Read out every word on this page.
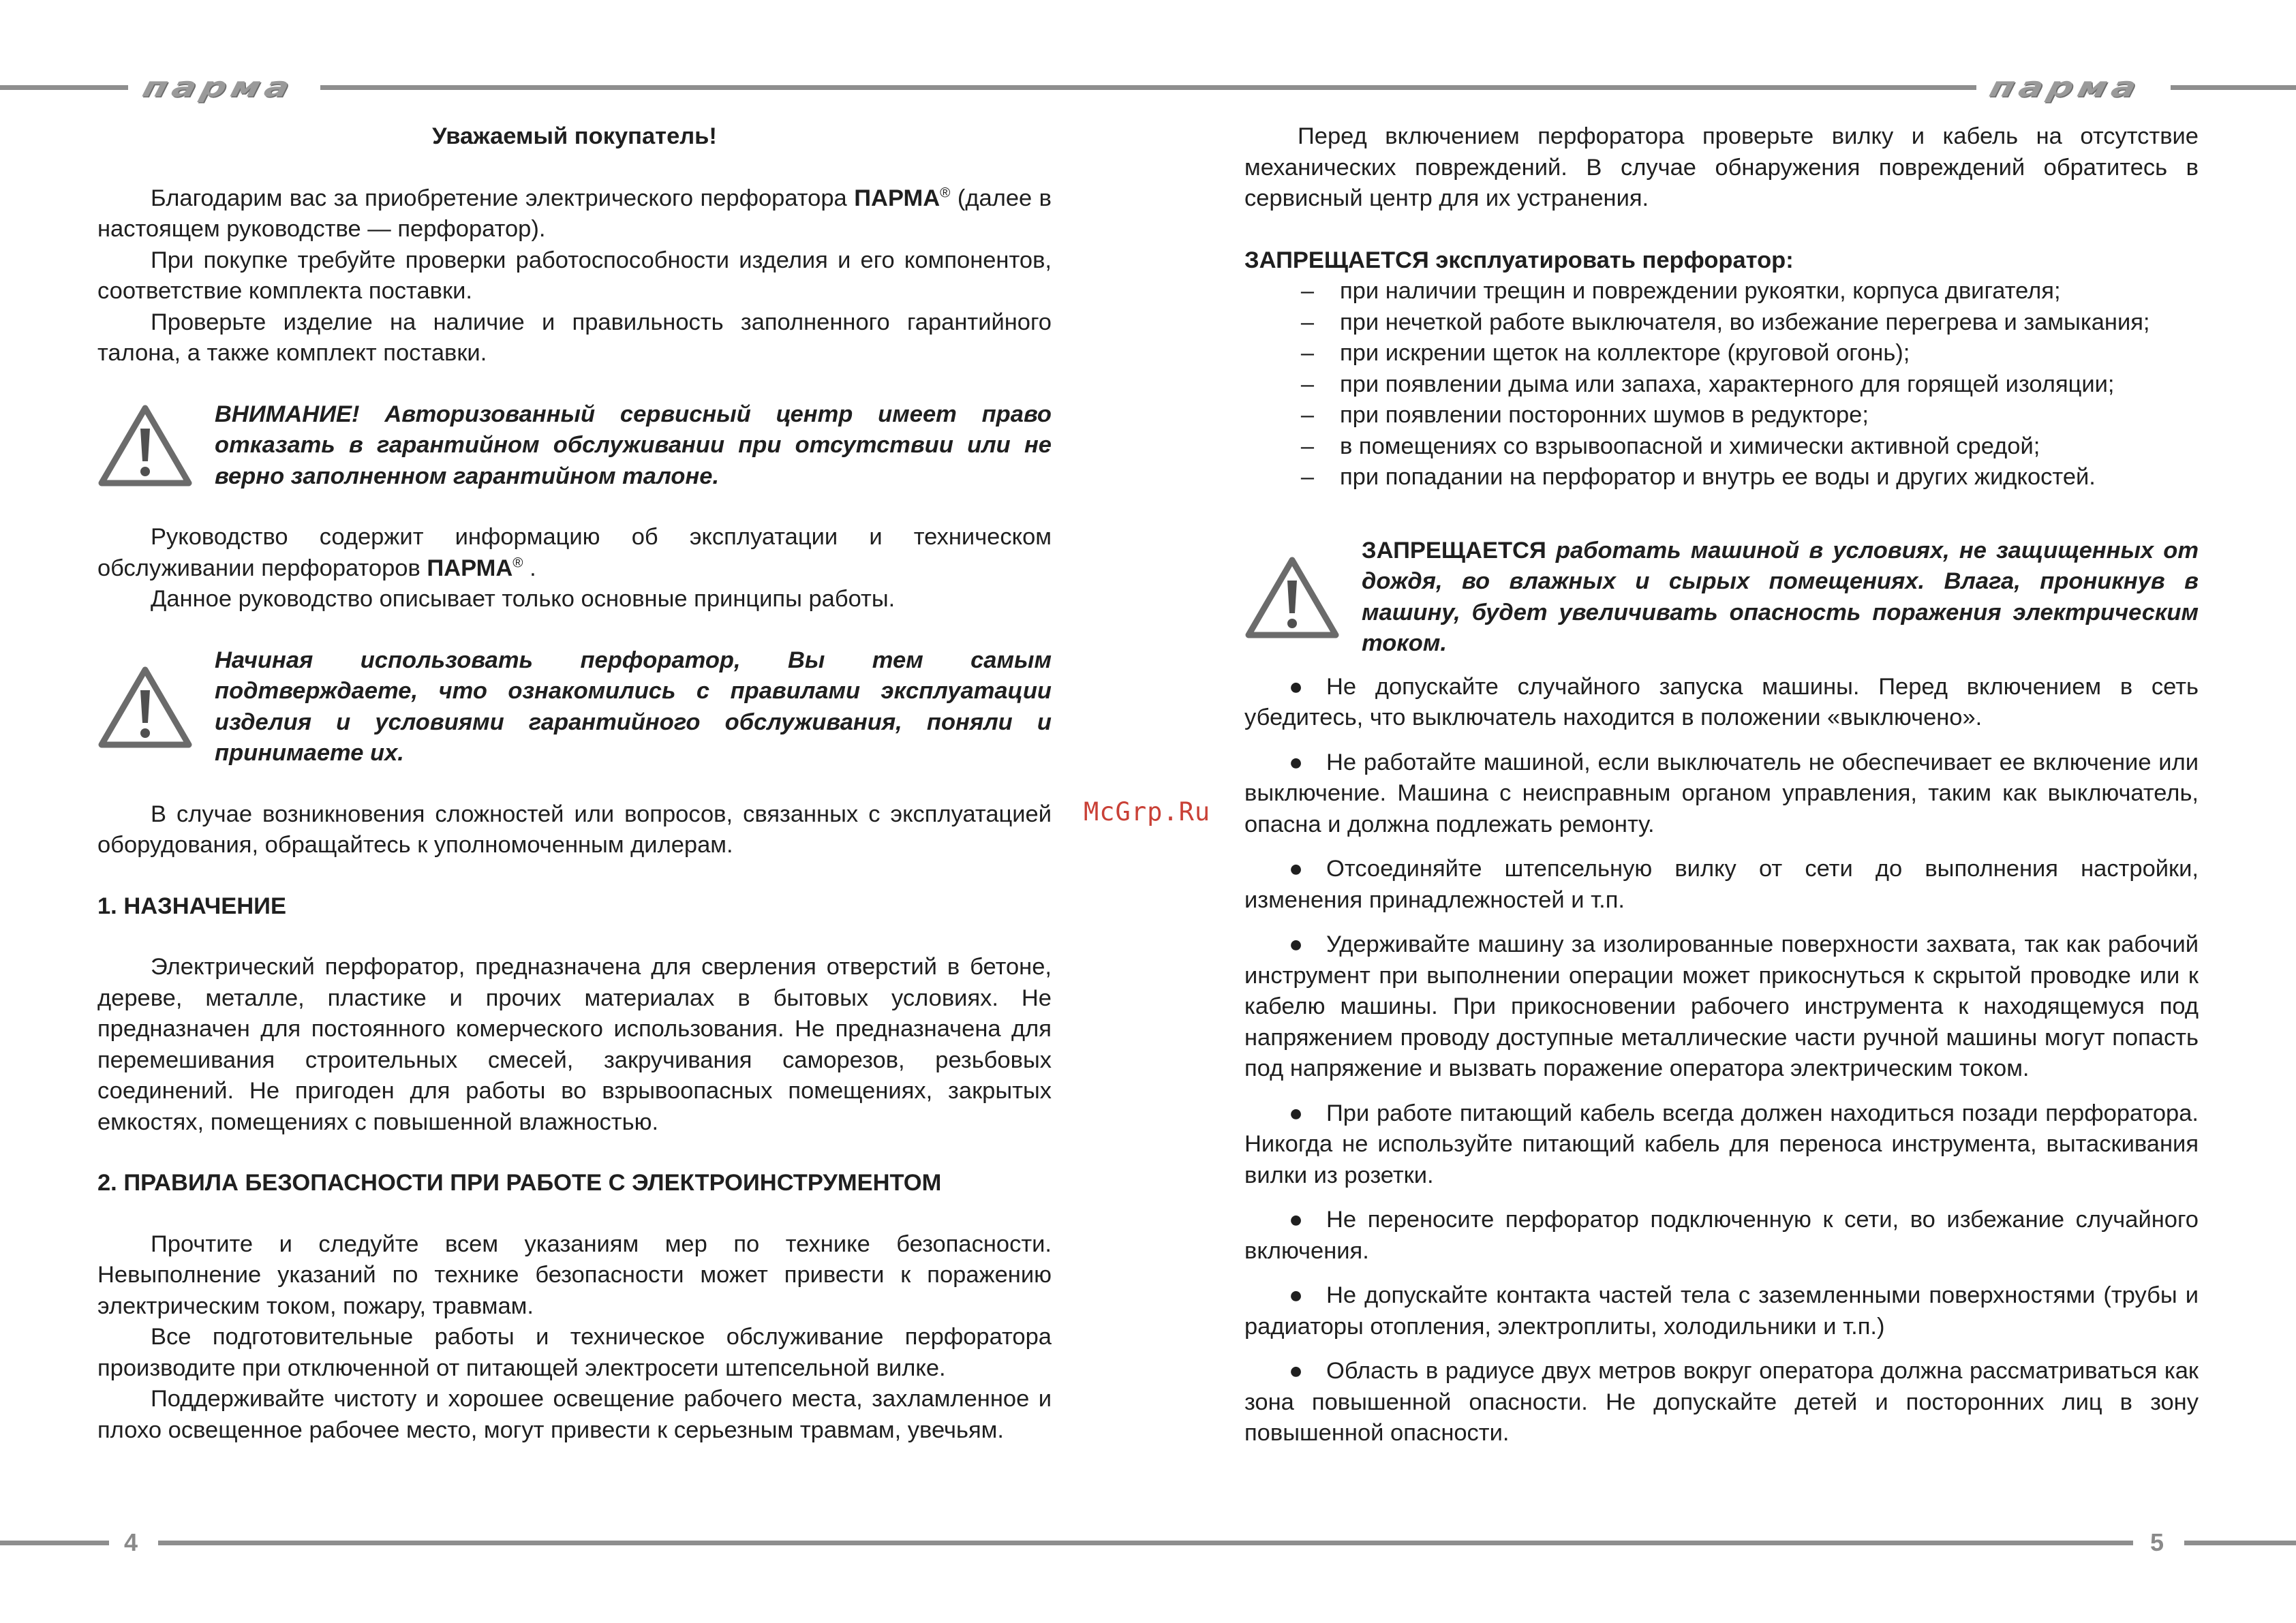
парма	парма
4	5
McGrp.Ru

Уважаемый покупатель!

Благодарим вас за приобретение электрического перфоратора ПАРМА® (далее в настоящем руководстве — перфоратор).

При покупке требуйте проверки работоспособности изделия и его компонентов, соответствие комплекта поставки.

Проверьте изделие на наличие и правильность заполненного гарантийного талона, а также комплект поставки.

ВНИМАНИЕ! Авторизованный сервисный центр имеет право отказать в гарантийном обслуживании при отсутствии или не верно заполненном гарантийном талоне.

Руководство содержит информацию об эксплуатации и техническом обслуживании перфораторов ПАРМА® .

Данное руководство описывает только основные принципы работы.

Начиная использовать перфоратор, Вы тем самым подтверждаете, что ознакомились с правилами эксплуатации изделия и условиями гарантийного обслуживания, поняли и принимаете их.

В случае возникновения сложностей или вопросов, связанных с эксплуатацией оборудования, обращайтесь к уполномоченным дилерам.

1. НАЗНАЧЕНИЕ

Электрический перфоратор, предназначена для сверления отверстий в бетоне, дереве, металле, пластике и прочих материалах в бытовых условиях. Не предназначен для постоянного комерческого использования. Не предназначена для перемешивания строительных смесей, закручивания саморезов, резьбовых соединений. Не пригоден для работы во взрывоопасных помещениях, закрытых емкостях, помещениях с повышенной влажностью.

2. ПРАВИЛА БЕЗОПАСНОСТИ ПРИ РАБОТЕ С ЭЛЕКТРОИНСТРУМЕНТОМ

Прочтите и следуйте всем указаниям мер по технике безопасности. Невыполнение указаний по технике безопасности может привести к поражению электрическим током, пожару, травмам.

Все подготовительные работы и техническое обслуживание перфоратора производите при отключенной от питающей электросети штепсельной вилке.

Поддерживайте чистоту и хорошее освещение рабочего места, захламленное и плохо освещенное рабочее место, могут привести к серьезным травмам, увечьям.

Перед включением перфоратора проверьте вилку и кабель на отсутствие механических повреждений. В случае обнаружения повреждений обратитесь в сервисный центр для их устранения.

ЗАПРЕЩАЕТСЯ эксплуатировать перфоратор:

–	при наличии трещин и повреждении рукоятки, корпуса двигателя;
–	при нечеткой работе выключателя, во избежание перегрева и замыкания;
–	при искрении щеток на коллекторе (круговой огонь);
–	при появлении дыма или запаха, характерного для горящей изоляции;
–	при появлении посторонних шумов в редукторе;
–	в помещениях со взрывоопасной и химически активной средой;
–	при попадании на перфоратор и внутрь ее воды и других жидкостей.

ЗАПРЕЩАЕТСЯ работать машиной в условиях, не защищенных от дождя, во влажных и сырых помещениях. Влага, проникнув в машину, будет увеличивать опасность поражения электрическим током.

● Не допускайте случайного запуска машины. Перед включением в сеть убедитесь, что выключатель находится в положении «выключено».

● Не работайте машиной, если выключатель не обеспечивает ее включение или выключение. Машина с неисправным органом управления, таким как выключатель, опасна и должна подлежать ремонту.

● Отсоединяйте штепсельную вилку от сети до выполнения настройки, изменения принадлежностей и т.п.

● Удерживайте машину за изолированные поверхности захвата, так как рабочий инструмент при выполнении операции может прикоснуться к скрытой проводке или к кабелю машины. При прикосновении рабочего инструмента к находящемуся под напряжением проводу доступные металлические части ручной машины могут попасть под напряжение и вызвать поражение оператора электрическим током.

● При работе питающий кабель всегда должен находиться позади перфоратора. Никогда не используйте питающий кабель для переноса инструмента, вытаскивания вилки из розетки.

● Не переносите перфоратор подключенную к сети, во избежание случайного включения.

● Не допускайте контакта частей тела с заземленными поверхностями (трубы и радиаторы отопления, электроплиты, холодильники и т.п.)

● Область в радиусе двух метров вокруг оператора должна рассматриваться как зона повышенной опасности. Не допускайте детей и посторонних лиц в зону повышенной опасности.
